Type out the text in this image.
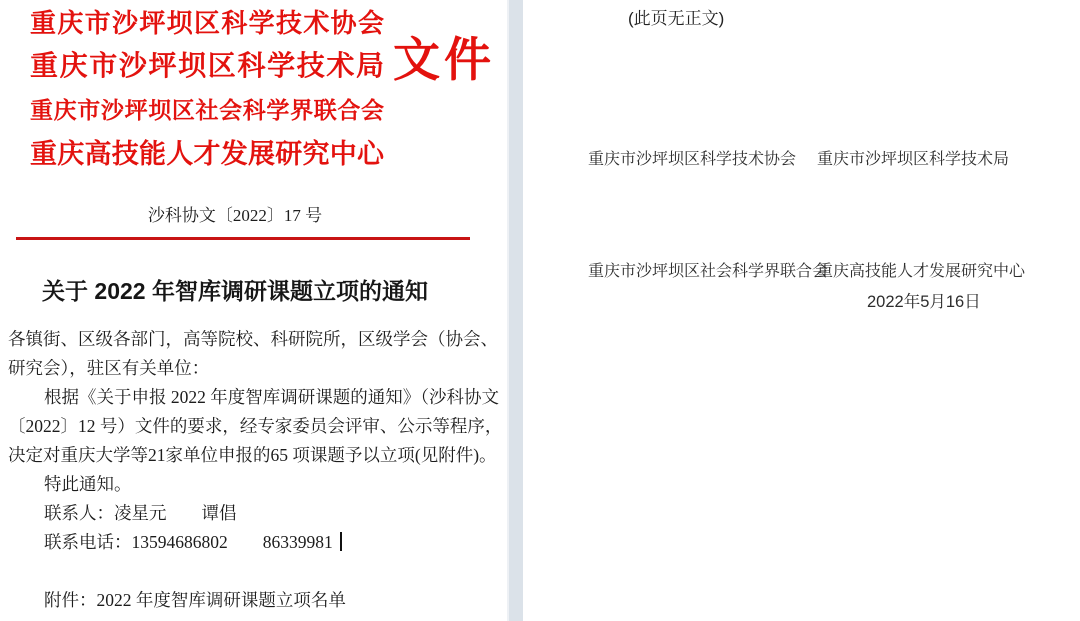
重庆市沙坪坝区科学技术协会
重庆市沙坪坝区科学技术局
重庆市沙坪坝区社会科学界联合会
重庆高技能人才发展研究中心
文件
沙科协文〔2022〕17 号
关于 2022 年智库调研课题立项的通知
各镇街、区级各部门，高等院校、科研院所，区级学会（协会、
研究会），驻区有关单位：
根据《关于申报 2022 年度智库调研课题的通知》（沙科协文
〔2022〕12 号）文件的要求，经专家委员会评审、公示等程序，
决定对重庆大学等21家单位申报的65 项课题予以立项(见附件)。
特此通知。
联系人：凌星元　　谭倡
联系电话：13594686802　　86339981
附件：2022 年度智库调研课题立项名单
(此页无正文)
重庆市沙坪坝区科学技术协会 重庆市沙坪坝区科学技术局
重庆市沙坪坝区社会科学界联合会
重庆高技能人才发展研究中心
2022年5月16日
